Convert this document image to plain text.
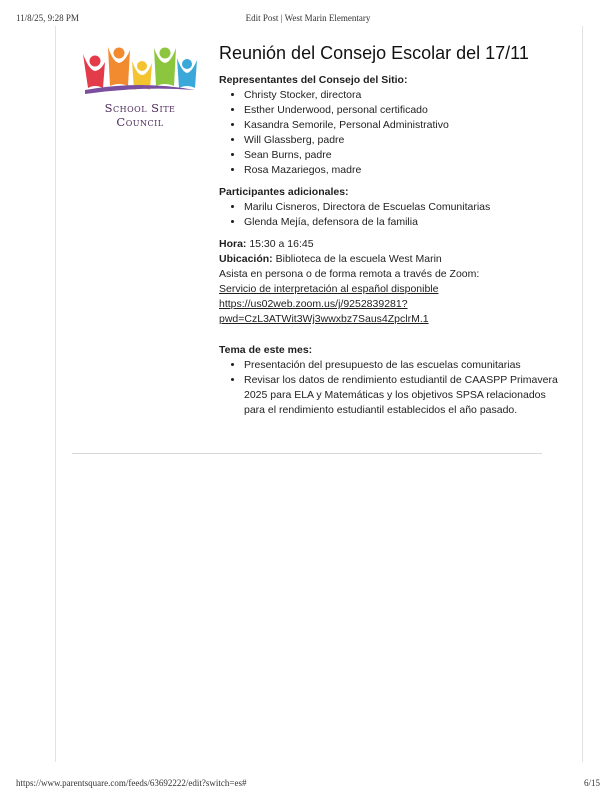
11/8/25, 9:28 PM	Edit Post | West Marin Elementary
School Site Council
Reunión del Consejo Escolar del 17/11

Representantes del Consejo del Sitio:

• Christy Stocker, directora
• Esther Underwood, personal certificado
• Kasandra Semorile, Personal Administrativo
• Will Glassberg, padre
• Sean Burns, padre
• Rosa Mazariegos, madre

Participantes adicionales:

• Marilu Cisneros, Directora de Escuelas Comunitarias
• Glenda Mejía, defensora de la familia

Hora: 15:30 a 16:45

Ubicación: Biblioteca de la escuela West Marin

Asista en persona o de forma remota a través de Zoom:

Servicio de interpretación al español disponible

https://us02web.zoom.us/j/9252839281?
pwd=CzL3ATWit3Wj3wwxbz7Saus4ZpclrM.1

Tema de este mes:

• Presentación del presupuesto de las escuelas comunitarias
• Revisar los datos de rendimiento estudiantil de CAASPP Primavera 2025 para ELA y Matemáticas y los objetivos SPSA relacionados para el rendimiento estudiantil establecidos el año pasado.
https://www.parentsquare.com/feeds/63692222/edit?switch=es#	6/15
